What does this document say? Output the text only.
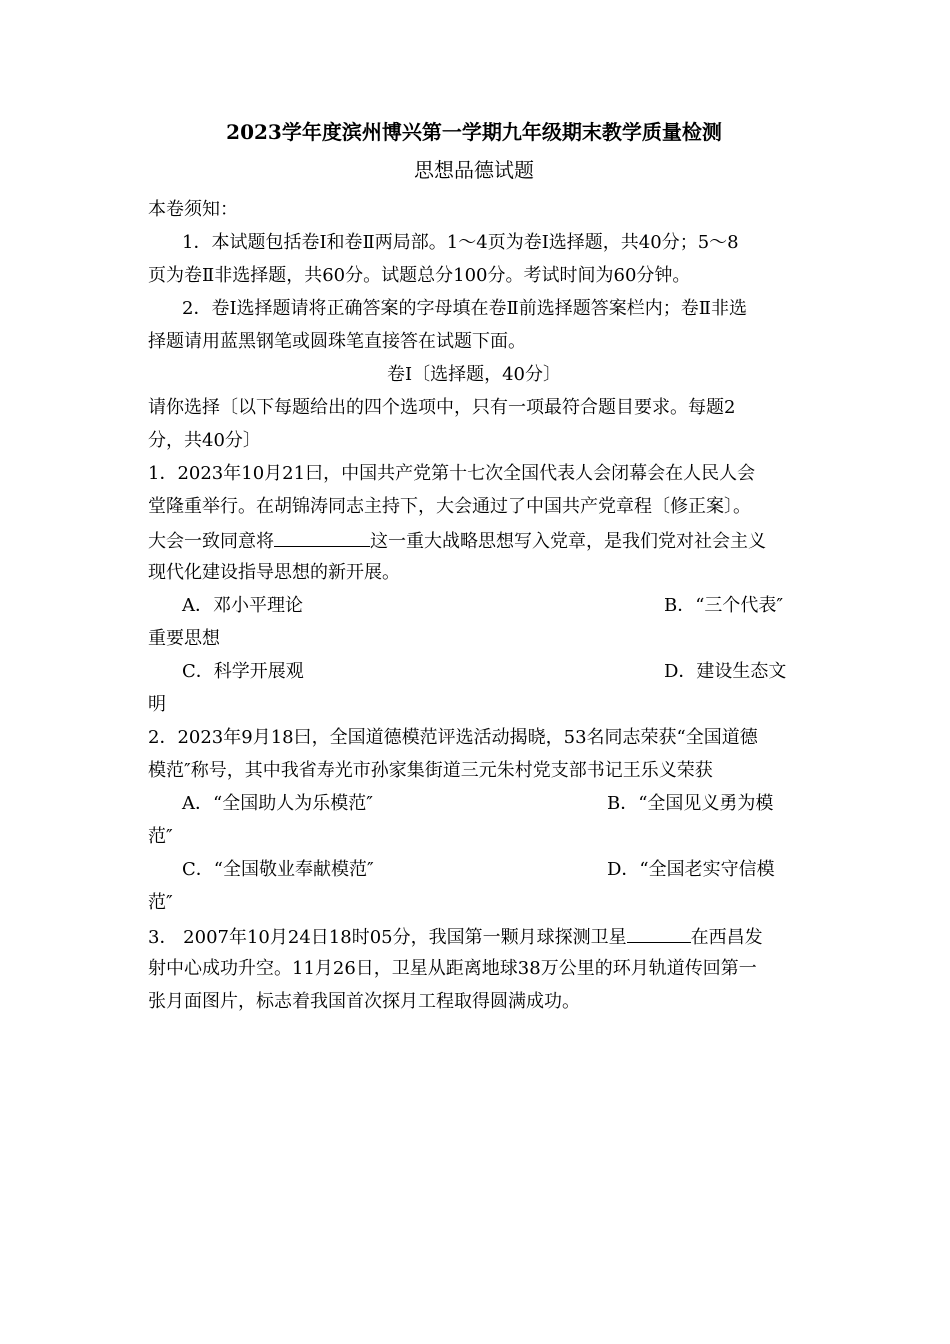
2023学年度滨州博兴第一学期九年级期末教学质量检测
思想品德试题
本卷须知：
1．本试题包括卷Ⅰ和卷Ⅱ两局部。1～4页为卷Ⅰ选择题，共40分；5～8
页为卷Ⅱ非选择题，共60分。试题总分100分。考试时间为60分钟。
2．卷Ⅰ选择题请将正确答案的字母填在卷Ⅱ前选择题答案栏内；卷Ⅱ非选
择题请用蓝黑钢笔或圆珠笔直接答在试题下面。
卷Ⅰ〔选择题，40分〕
请你选择〔以下每题给出的四个选项中，只有一项最符合题目要求。每题2
分，共40分〕
1．2023年10月21曰，中国共产党第十七次全国代表人会闭幕会在人民人会
堂隆重举行。在胡锦涛同志主持下，大会通过了中国共产党章程〔修正案〕。
大会一致同意将	这一重大战略思想写入党章，是我们党对社会主义
现代化建设指导思想的新开展。
A．邓小平理论	B．“三个代表″
重要思想
C．科学开展观	D．建设生态文
明
2．2023年9月18曰，全国道德模范评选活动揭晓，53名同志荣获“全国道德
模范″称号，其中我省寿光市孙家集街道三元朱村党支部书记王乐义荣获
A．“全国助人为乐模范″	B．“全国见义勇为模
范″
C．“全国敬业奉献模范″	D．“全国老实守信模
范″
3． 2007年10月24日18时05分，我国第一颗月球探测卫星	在西昌发
射中心成功升空。11月26日，卫星从距离地球38万公里的环月轨道传回第一
张月面图片，标志着我国首次探月工程取得圆满成功。
